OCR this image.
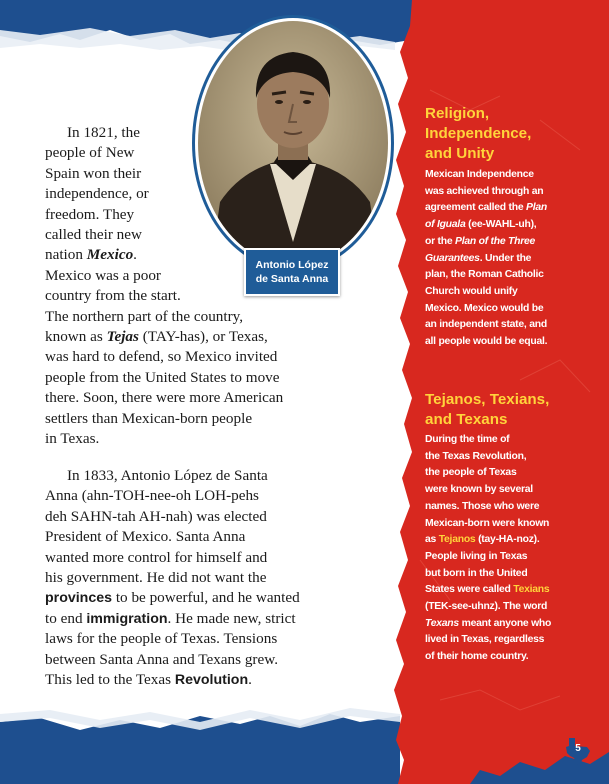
Antonio López
de Santa Anna
In 1821, the
people of New
Spain won their
independence, or
freedom. They
called their new
nation Mexico.
Mexico was a poor
country from the start.
The northern part of the country,
known as Tejas (TAY-has), or Texas,
was hard to defend, so Mexico invited
people from the United States to move
there. Soon, there were more American
settlers than Mexican-born people
in Texas.
In 1833, Antonio López de Santa
Anna (ahn-TOH-nee-oh LOH-pehs
deh SAHN-tah AH-nah) was elected
President of Mexico. Santa Anna
wanted more control for himself and
his government. He did not want the
provinces to be powerful, and he wanted
to end immigration. He made new, strict
laws for the people of Texas. Tensions
between Santa Anna and Texans grew.
This led to the Texas Revolution.
Religion,
Independence,
and Unity
Mexican Independence
was achieved through an
agreement called the Plan
of Iguala (ee-WAHL-uh),
or the Plan of the Three
Guarantees. Under the
plan, the Roman Catholic
Church would unify
Mexico. Mexico would be
an independent state, and
all people would be equal.
Tejanos, Texians,
and Texans
During the time of
the Texas Revolution,
the people of Texas
were known by several
names. Those who were
Mexican-born were known
as Tejanos (tay-HA-noz).
People living in Texas
but born in the United
States were called Texians
(TEK-see-uhnz). The word
Texans meant anyone who
lived in Texas, regardless
of their home country.
5
